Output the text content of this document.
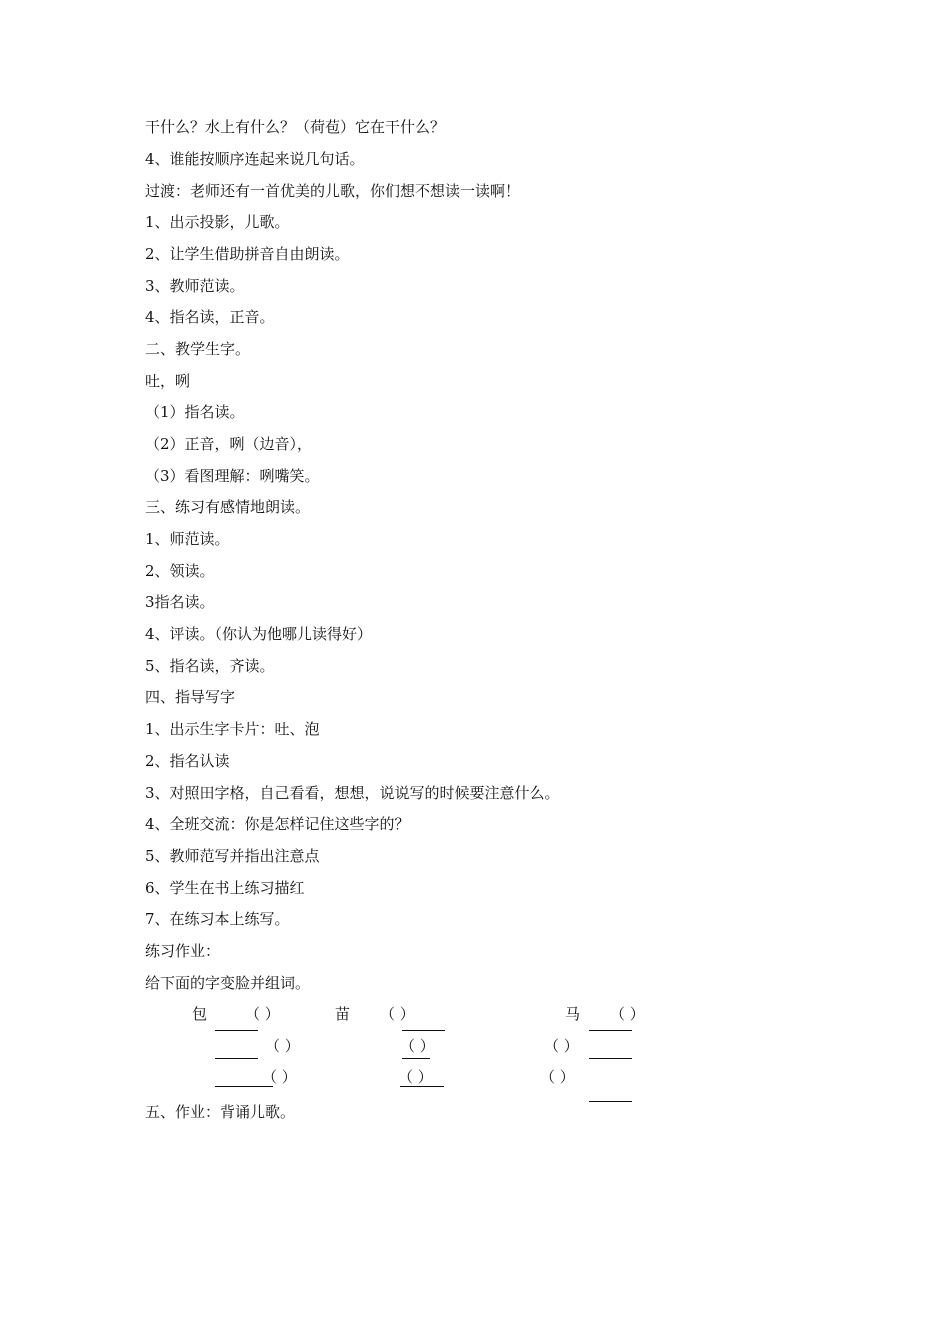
干什么？水上有什么？（荷苞）它在干什么？
4、谁能按顺序连起来说几句话。
过渡：老师还有一首优美的儿歌，你们想不想读一读啊！
1、出示投影，儿歌。
2、让学生借助拼音自由朗读。
3、教师范读。
4、指名读，正音。
二、教学生字。
吐，咧
（1）指名读。
（2）正音，咧（边音），
（3）看图理解：咧嘴笑。
三、练习有感情地朗读。
1、师范读。
2、领读。
3指名读。
4、评读。（你认为他哪儿读得好）
5、指名读，齐读。
四、指导写字
1、出示生字卡片：吐、泡
2、指名认读
3、对照田字格，自己看看，想想，说说写的时候要注意什么。
4、全班交流：你是怎样记住这些字的？
5、教师范写并指出注意点
6、学生在书上练习描红
7、在练习本上练写。
练习作业：
给下面的字变脸并组词。
包	（ ）	苗 （ ）	马 （ ）
（ ）	（ ）	（ ）
（ ）	（ ）	（ ）
五、作业：背诵儿歌。
